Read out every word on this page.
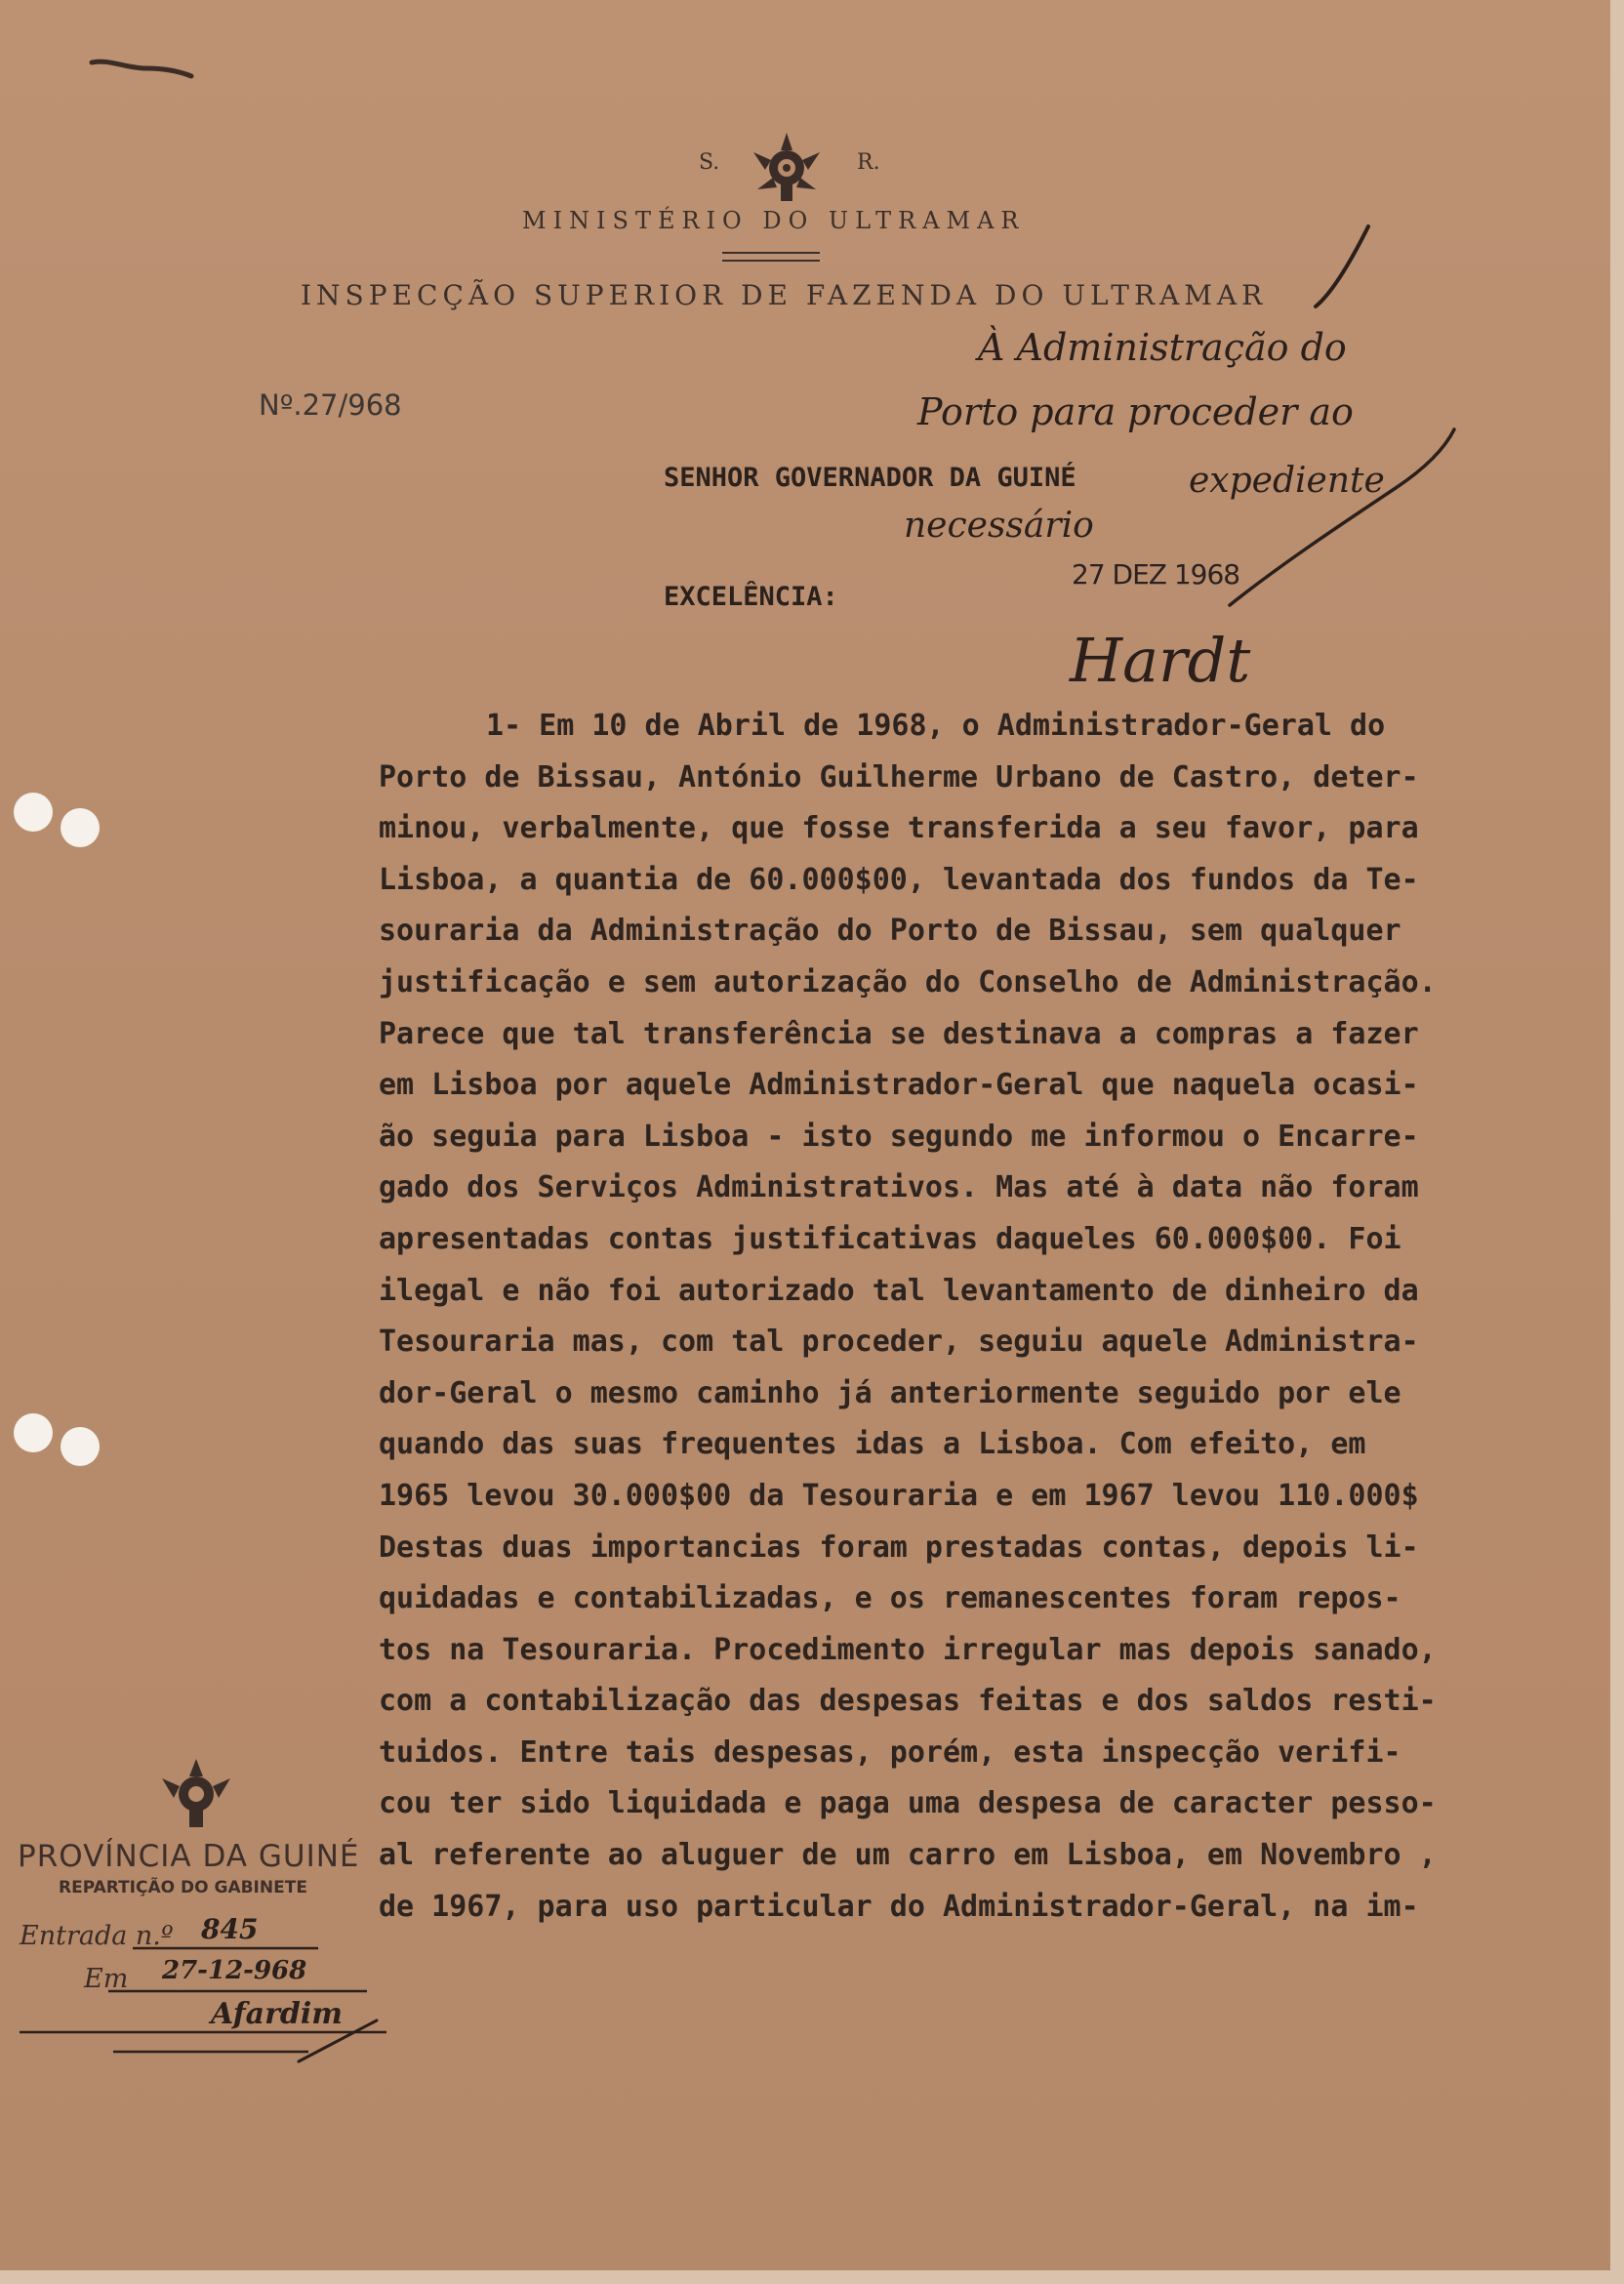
S.	R.
MINISTÉRIO DO ULTRAMAR
INSPECÇÃO SUPERIOR DE FAZENDA DO ULTRAMAR
Nº.27/968
SENHOR GOVERNADOR DA GUINÉ
EXCELÊNCIA:
À Administração do
Porto para proceder ao
expediente
necessário
27 DEZ 1968
Hardt
1- Em 10 de Abril de 1968, o Administrador-Geral do
Porto de Bissau, António Guilherme Urbano de Castro, deter-
minou, verbalmente, que fosse transferida a seu favor, para
Lisboa, a quantia de 60.000$00, levantada dos fundos da Te-
souraria da Administração do Porto de Bissau, sem qualquer
justificação e sem autorização do Conselho de Administração.
Parece que tal transferência se destinava a compras a fazer
em Lisboa por aquele Administrador-Geral que naquela ocasi-
ão seguia para Lisboa - isto segundo me informou o Encarre-
gado dos Serviços Administrativos. Mas até à data não foram
apresentadas contas justificativas daqueles 60.000$00. Foi
ilegal e não foi autorizado tal levantamento de dinheiro da
Tesouraria mas, com tal proceder, seguiu aquele Administra-
dor-Geral o mesmo caminho já anteriormente seguido por ele
quando das suas frequentes idas a Lisboa. Com efeito, em
1965 levou 30.000$00 da Tesouraria e em 1967 levou 110.000$
Destas duas importancias foram prestadas contas, depois li-
quidadas e contabilizadas, e os remanescentes foram repos-
tos na Tesouraria. Procedimento irregular mas depois sanado,
com a contabilização das despesas feitas e dos saldos resti-
tuidos. Entre tais despesas, porém, esta inspecção verifi-
cou ter sido liquidada e paga uma despesa de caracter pesso-
al referente ao aluguer de um carro em Lisboa, em Novembro ,
de 1967, para uso particular do Administrador-Geral, na im-
PROVÍNCIA DA GUINÉ
REPARTIÇÃO DO GABINETE
Entrada n.º 845
Em 27-12-968
Afardim
